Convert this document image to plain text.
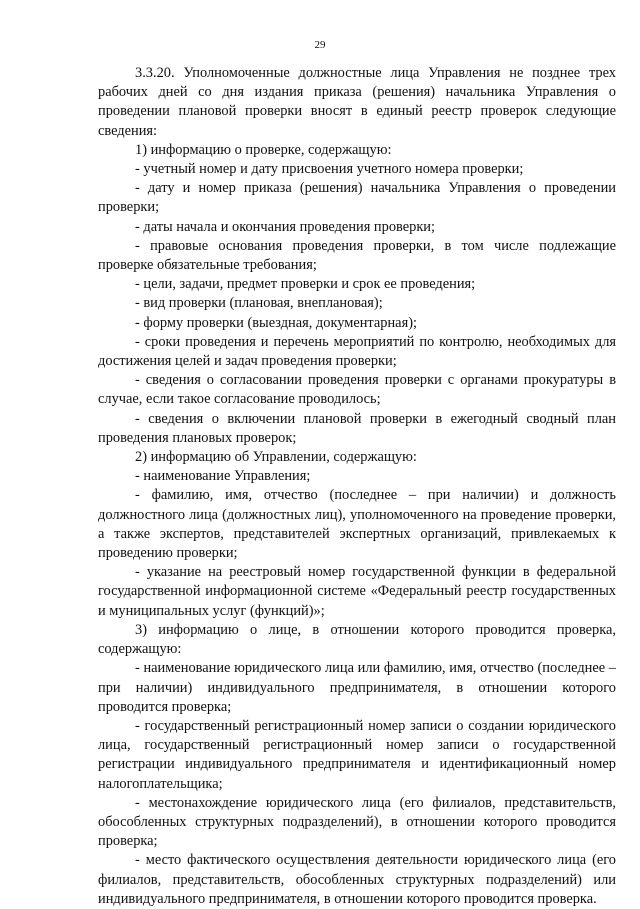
29

3.3.20. Уполномоченные должностные лица Управления не позднее трех рабочих дней со дня издания приказа (решения) начальника Управления о проведении плановой проверки вносят в единый реестр проверок следующие сведения:

1) информацию о проверке, содержащую:

- учетный номер и дату присвоения учетного номера проверки;

- дату и номер приказа (решения) начальника Управления о проведении проверки;

- даты начала и окончания проведения проверки;

- правовые основания проведения проверки, в том числе подлежащие проверке обязательные требования;

- цели, задачи, предмет проверки и срок ее проведения;

- вид проверки (плановая, внеплановая);

- форму проверки (выездная, документарная);

- сроки проведения и перечень мероприятий по контролю, необходимых для достижения целей и задач проведения проверки;

- сведения о согласовании проведения проверки с органами прокуратуры в случае, если такое согласование проводилось;

- сведения о включении плановой проверки в ежегодный сводный план проведения плановых проверок;

2) информацию об Управлении, содержащую:

- наименование Управления;

- фамилию, имя, отчество (последнее – при наличии) и должность должностного лица (должностных лиц), уполномоченного на проведение проверки, а также экспертов, представителей экспертных организаций, привлекаемых к проведению проверки;

- указание на реестровый номер государственной функции в федеральной государственной информационной системе «Федеральный реестр государственных и муниципальных услуг (функций)»;

3) информацию о лице, в отношении которого проводится проверка, содержащую:

- наименование юридического лица или фамилию, имя, отчество (последнее – при наличии) индивидуального предпринимателя, в отношении которого проводится проверка;

- государственный регистрационный номер записи о создании юридического лица, государственный регистрационный номер записи о государственной регистрации индивидуального предпринимателя и идентификационный номер налогоплательщика;

- местонахождение юридического лица (его филиалов, представительств, обособленных структурных подразделений), в отношении которого проводится проверка;

- место фактического осуществления деятельности юридического лица (его филиалов, представительств, обособленных структурных подразделений) или индивидуального предпринимателя, в отношении которого проводится проверка.
